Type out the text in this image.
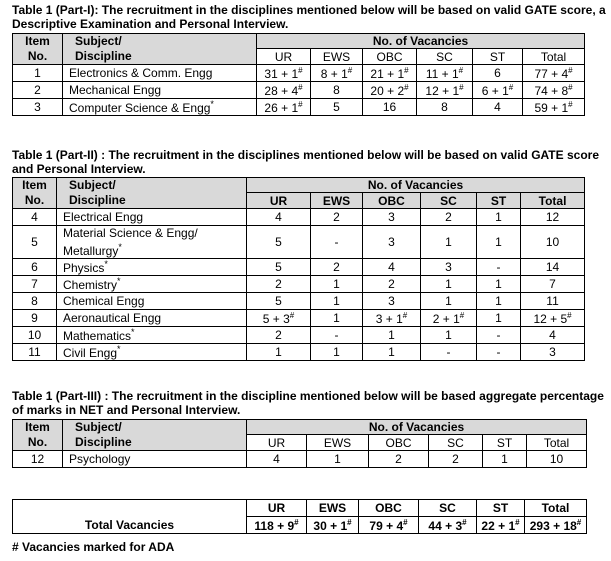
Table 1 (Part-I): The recruitment in the disciplines mentioned below will be based on valid GATE score, a Descriptive Examination and Personal Interview.
Item	Subject/	No. of Vacancies					
No.	Discipline	UR	EWS	OBC	SC	ST	Total
1	Electronics & Comm. Engg	31 + 1#	8 + 1#	21 + 1#	11 + 1#	6	77 + 4#
2	Mechanical Engg	28 + 4#	8	20 + 2#	12 + 1#	6 + 1#	74 + 8#
3	Computer Science & Engg*	26 + 1#	5	16	8	4	59 + 1#
Table 1 (Part-II) : The recruitment in the disciplines mentioned below will be based on valid GATE score and Personal Interview.
Item	Subject/	No. of Vacancies					
No.	Discipline	UR	EWS	OBC	SC	ST	Total
4	Electrical Engg	4	2	3	2	1	12
5	Material Science & Engg/ Metallurgy*	5	-	3	1	1	10
6	Physics*	5	2	4	3	-	14
7	Chemistry*	2	1	2	1	1	7
8	Chemical Engg	5	1	3	1	1	11
9	Aeronautical Engg	5 + 3#	1	3 + 1#	2 + 1#	1	12 + 5#
10	Mathematics*	2	-	1	1	-	4
11	Civil Engg*	1	1	1	-	-	3
Table 1 (Part-III) : The recruitment in the discipline mentioned below will be based aggregate percentage of marks in NET and Personal Interview.
Item	Subject/	No. of Vacancies					
No.	Discipline	UR	EWS	OBC	SC	ST	Total
12	Psychology	4	1	2	2	1	10
	UR	EWS	OBC	SC	ST	Total
Total Vacancies	118 + 9#	30 + 1#	79 + 4#	44 + 3#	22 + 1#	293 + 18#
# Vacancies marked for ADA
